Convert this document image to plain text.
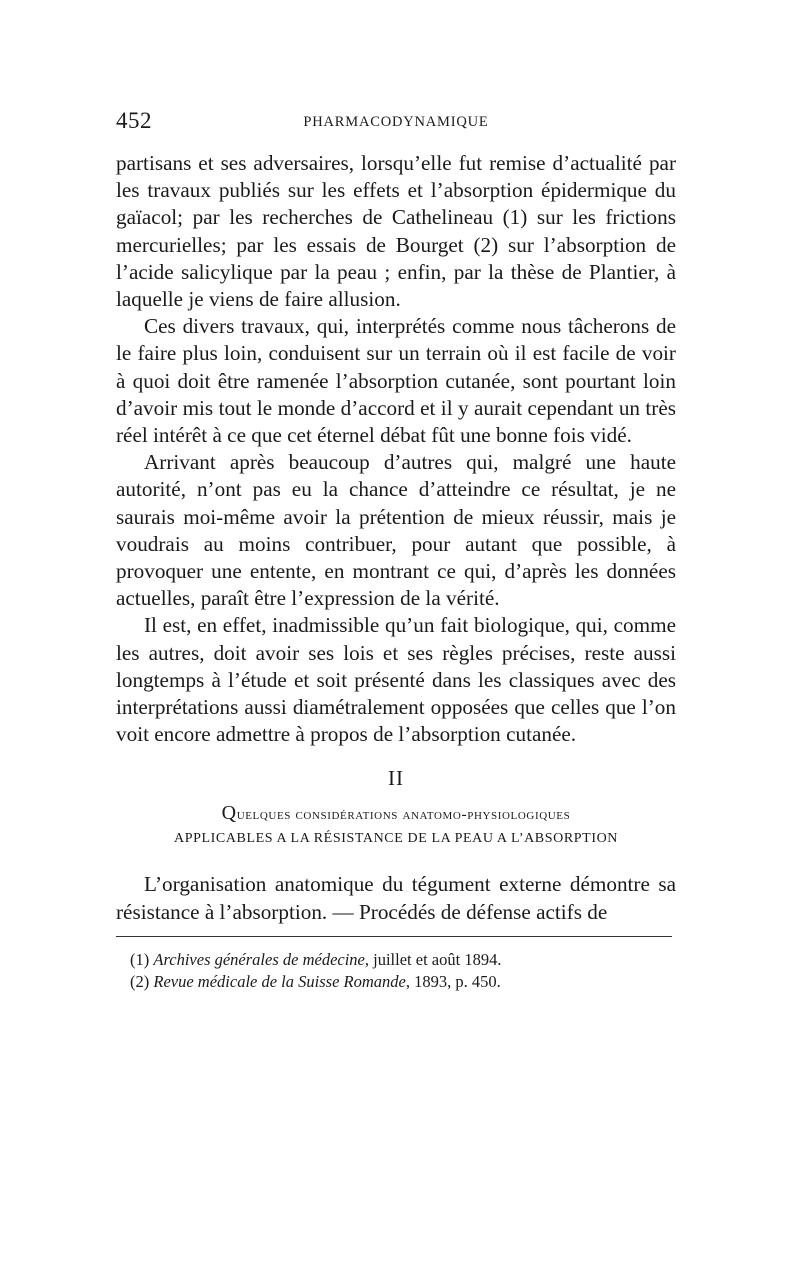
452	PHARMACODYNAMIQUE

partisans et ses adversaires, lorsqu’elle fut remise d’actualité par les travaux publiés sur les effets et l’absorption épidermique du gaïacol; par les recherches de Cathelineau (1) sur les frictions mercurielles; par les essais de Bourget (2) sur l’absorption de l’acide salicylique par la peau ; enfin, par la thèse de Plantier, à laquelle je viens de faire allusion.

Ces divers travaux, qui, interprétés comme nous tâcherons de le faire plus loin, conduisent sur un terrain où il est facile de voir à quoi doit être ramenée l’absorption cutanée, sont pourtant loin d’avoir mis tout le monde d’accord et il y aurait cependant un très réel intérêt à ce que cet éternel débat fût une bonne fois vidé.

Arrivant après beaucoup d’autres qui, malgré une haute autorité, n’ont pas eu la chance d’atteindre ce résultat, je ne saurais moi-même avoir la prétention de mieux réussir, mais je voudrais au moins contribuer, pour autant que possible, à provoquer une entente, en montrant ce qui, d’après les données actuelles, paraît être l’expression de la vérité.

Il est, en effet, inadmissible qu’un fait biologique, qui, comme les autres, doit avoir ses lois et ses règles précises, reste aussi longtemps à l’étude et soit présenté dans les classiques avec des interprétations aussi diamétralement opposées que celles que l’on voit encore admettre à propos de l’absorption cutanée.

II
Quelques considérations anatomo-physiologiques
APPLICABLES A LA RÉSISTANCE DE LA PEAU A L’ABSORPTION

L’organisation anatomique du tégument externe démontre sa résistance à l’absorption. — Procédés de défense actifs de

(1) Archives générales de médecine, juillet et août 1894.
(2) Revue médicale de la Suisse Romande, 1893, p. 450.
